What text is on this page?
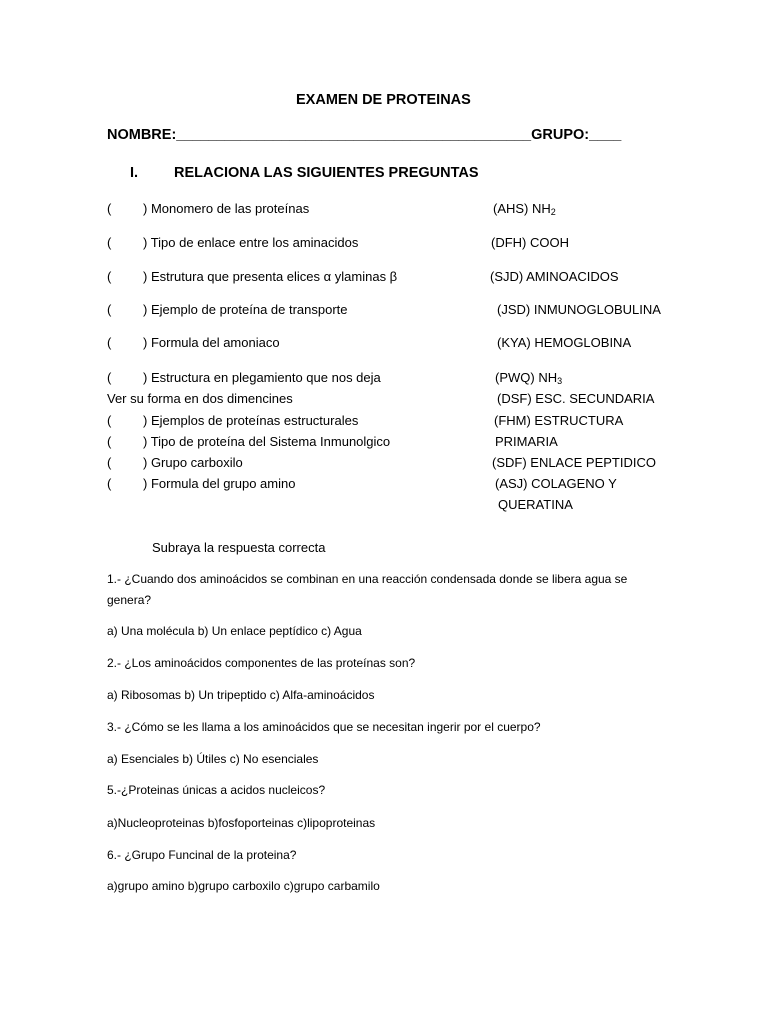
EXAMEN DE PROTEINAS
NOMBRE:____________________________________________GRUPO:____
I. RELACIONA LAS SIGUIENTES PREGUNTAS
( ) Monomero de las proteínas
( ) Tipo de enlace entre los aminacidos
( ) Estrutura que presenta elices α ylaminas β
( ) Ejemplo de proteína de transporte
( ) Formula del amoniaco
( ) Estructura en plegamiento que nos deja
Ver su forma en dos dimencines
( ) Ejemplos de proteínas estructurales
( ) Tipo de proteína del Sistema Inmunolgico
( ) Grupo carboxilo
( ) Formula del grupo amino
(AHS) $NH_2$
(DFH) COOH
(SJD) AMINOACIDOS
(JSD) INMUNOGLOBULINA
(KYA) HEMOGLOBINA
(PWQ) $NH_3$
(DSF) ESC. SECUNDARIA
(FHM) ESTRUCTURA
PRIMARIA
(SDF) ENLACE PEPTIDICO
(ASJ) COLAGENO Y
QUERATINA
Subraya la respuesta correcta
1.- ¿Cuando dos aminoácidos se combinan en una reacción condensada donde se libera agua se
genera?
a) Una molécula b) Un enlace peptídico c) Agua
2.- ¿Los aminoácidos componentes de las proteínas son?
a) Ribosomas b) Un tripeptido c) Alfa-aminoácidos
3.- ¿Cómo se les llama a los aminoácidos que se necesitan ingerir por el cuerpo?
a) Esenciales b) Útiles c) No esenciales
5.-¿Proteinas únicas a acidos nucleicos?
a)Nucleoproteinas b)fosfoporteinas c)lipoproteinas
6.- ¿Grupo Funcinal de la proteina?
a)grupo amino b)grupo carboxilo c)grupo carbamilo
